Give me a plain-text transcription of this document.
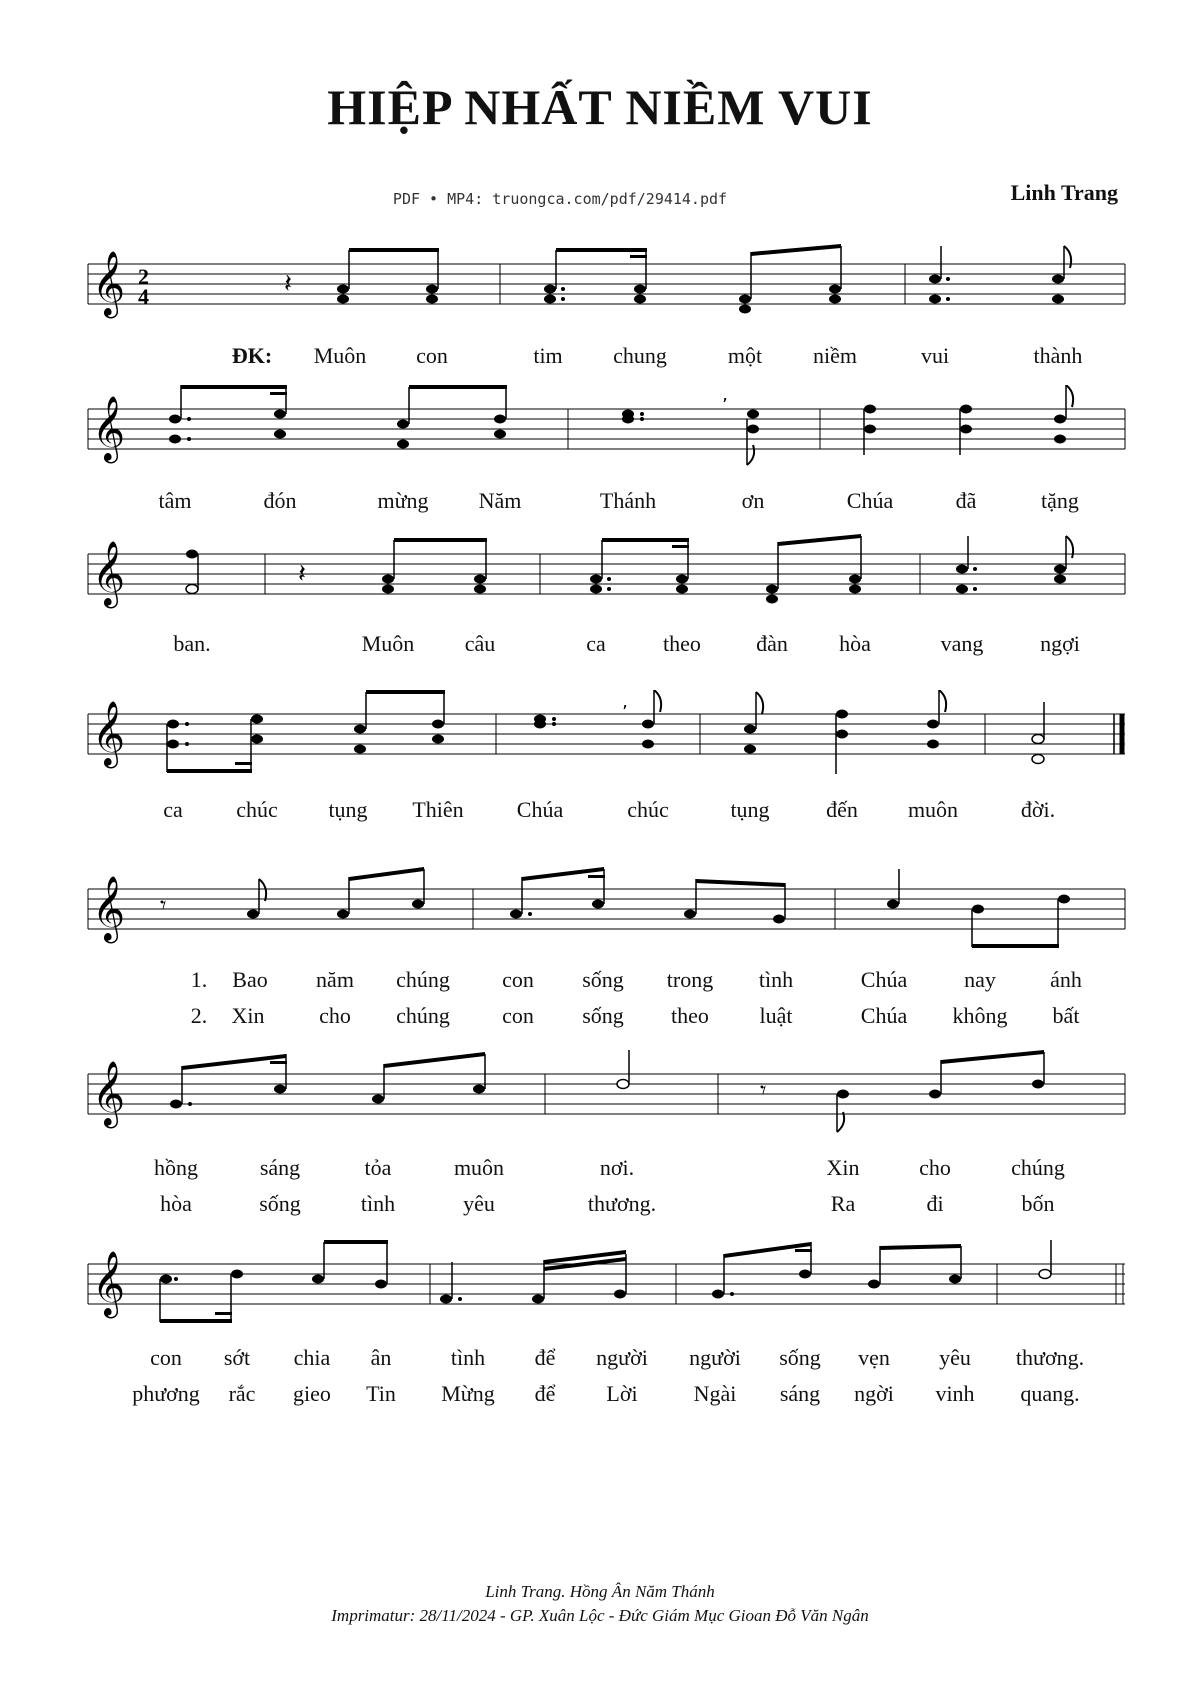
HIỆP NHẤT NIỀM VUI
Linh Trang
PDF • MP4: truongca.com/pdf/29414.pdf
𝄞 2
4	𝄽
ĐK: Muôn con	tim chung	một niềm	vui	thành
𝄞	’
tâm	đón	mừng Năm	Thánh	ơn	Chúa	đã	tặng
𝄞	𝄽
ban.	Muôn câu	ca	theo	đàn hòa	vang	ngợi
𝄞	’
ca chúc tụng Thiên Chúa	chúc	tụng	đến muôn	đời.
𝄞 𝄾
1. Bao năm chúng con sống trong tình	Chúa	nay ánh
2. Xin cho chúng con sống theo luật	Chúa không bất
𝄞	𝄾
hồng	sáng	tỏa	muôn	nơi.	Xin	cho	chúng
hòa	sống	tình	yêu	thương.	Ra	đi	bốn
𝄞
con sớt chia ân	tình để người người sống vẹn yêu thương.
phương rắc gieo Tin Mừng để Lời	Ngài sáng ngời vinh quang.
Linh Trang. Hồng Ân Năm Thánh
Imprimatur: 28/11/2024 - GP. Xuân Lộc - Đức Giám Mục Gioan Đỗ Văn Ngân
